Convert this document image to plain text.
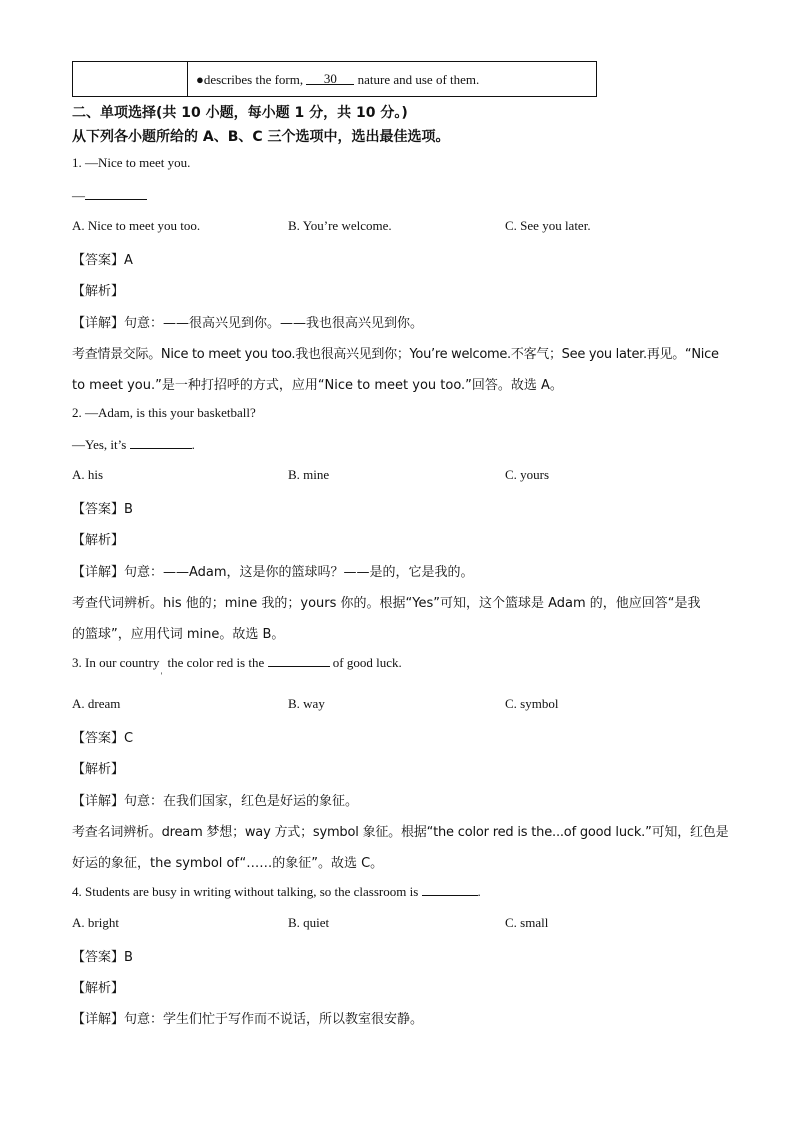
●describes the form, 30 nature and use of them.
二、单项选择(共 10 小题，每小题 1 分，共 10 分。)
从下列各小题所给的 A、B、C 三个选项中，选出最佳选项。
1. —Nice to meet you.
—
A. Nice to meet you too.	B. You’re welcome.	C. See you later.
【答案】A
【解析】
【详解】句意：——很高兴见到你。——我也很高兴见到你。
考查情景交际。Nice to meet you too.我也很高兴见到你；You’re welcome.不客气；See you later.再见。“Nice
to meet you.”是一种打招呼的方式，应用“Nice to meet you too.”回答。故选 A。
2. —Adam, is this your basketball?
—Yes, it’s	.
A. his	B. mine	C. yours
【答案】B
【解析】
【详解】句意：——Adam，这是你的篮球吗？——是的，它是我的。
考查代词辨析。his 他的；mine 我的；yours 你的。根据“Yes”可知，这个篮球是 Adam 的，他应回答“是我
的篮球”，应用代词 mine。故选 B。
3. In our country $'$ the color red is the	of good luck.
A. dream	B. way	C. symbol
【答案】C
【解析】
【详解】句意：在我们国家，红色是好运的象征。
考查名词辨析。dream 梦想；way 方式；symbol 象征。根据“the color red is the...of good luck.”可知，红色是
好运的象征，the symbol of“……的象征”。故选 C。
4. Students are busy in writing without talking, so the classroom is	.
A. bright	B. quiet	C. small
【答案】B
【解析】
【详解】句意：学生们忙于写作而不说话，所以教室很安静。
